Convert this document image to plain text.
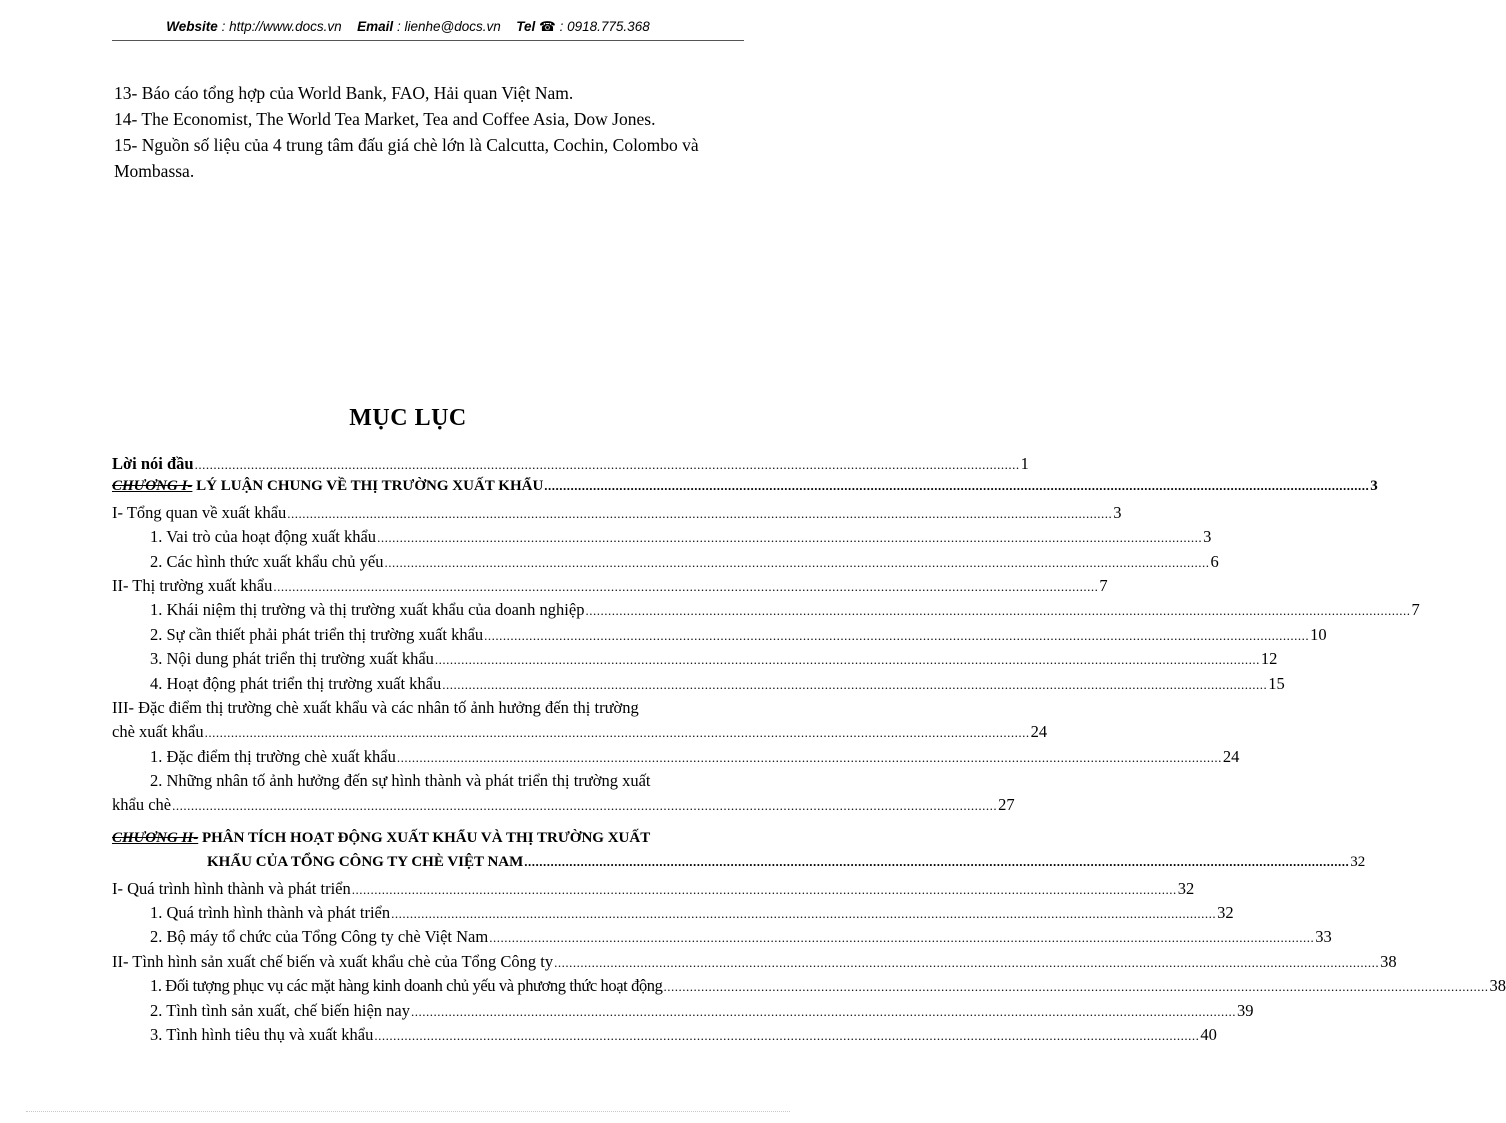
Website : http://www.docs.vn Email : lienhe@docs.vn Tel ☎ : 0918.775.368

13- Báo cáo tổng hợp của World Bank, FAO, Hải quan Việt Nam.

14- The Economist, The World Tea Market, Tea and Coffee Asia, Dow Jones.

15- Nguồn số liệu của 4 trung tâm đấu giá chè lớn là Calcutta, Cochin, Colombo và

Mombassa.

MỤC LỤC
Lời nói đầu ............................................................................................................................................................................................................................ 1
CHƯƠNG I- LÝ LUẬN CHUNG VỀ THỊ TRƯỜNG XUẤT KHẨU ............................................................................................................................................................................................................................ 3
I- Tổng quan về xuất khẩu ............................................................................................................................................................................................................................ 3
1. Vai trò của hoạt động xuất khẩu ............................................................................................................................................................................................................................ 3
2. Các hình thức xuất khẩu chủ yếu ............................................................................................................................................................................................................................ 6
II- Thị trường xuất khẩu ............................................................................................................................................................................................................................ 7
1. Khái niệm thị trường và thị trường xuất khẩu của doanh nghiệp ............................................................................................................................................................................................................................ 7
2. Sự cần thiết phải phát triển thị trường xuất khẩu ............................................................................................................................................................................................................................ 10
3. Nội dung phát triển thị trường xuất khẩu ............................................................................................................................................................................................................................ 12
4. Hoạt động phát triển thị trường xuất khẩu ............................................................................................................................................................................................................................ 15
III- Đặc điểm thị trường chè xuất khẩu và các nhân tố ảnh hưởng đến thị trường
chè xuất khẩu ............................................................................................................................................................................................................................ 24
1. Đặc điểm thị trường chè xuất khẩu ............................................................................................................................................................................................................................ 24
2. Những nhân tố ảnh hưởng đến sự hình thành và phát triển thị trường xuất
khẩu chè ............................................................................................................................................................................................................................ 27
CHƯƠNG II- PHÂN TÍCH HOẠT ĐỘNG XUẤT KHẨU VÀ THỊ TRƯỜNG XUẤT
KHẨU CỦA TỔNG CÔNG TY CHÈ VIỆT NAM ............................................................................................................................................................................................................................ 32
I- Quá trình hình thành và phát triển ............................................................................................................................................................................................................................ 32
1. Quá trình hình thành và phát triển ............................................................................................................................................................................................................................ 32
2. Bộ máy tổ chức của Tổng Công ty chè Việt Nam ............................................................................................................................................................................................................................ 33
II- Tình hình sản xuất chế biến và xuất khẩu chè của Tổng Công ty ............................................................................................................................................................................................................................ 38
1. Đối tượng phục vụ các mặt hàng kinh doanh chủ yếu và phương thức hoạt động ............................................................................................................................................................................................................................ 38
2. Tình tình sản xuất, chế biến hiện nay ............................................................................................................................................................................................................................ 39
3. Tình hình tiêu thụ và xuất khẩu ............................................................................................................................................................................................................................ 40
